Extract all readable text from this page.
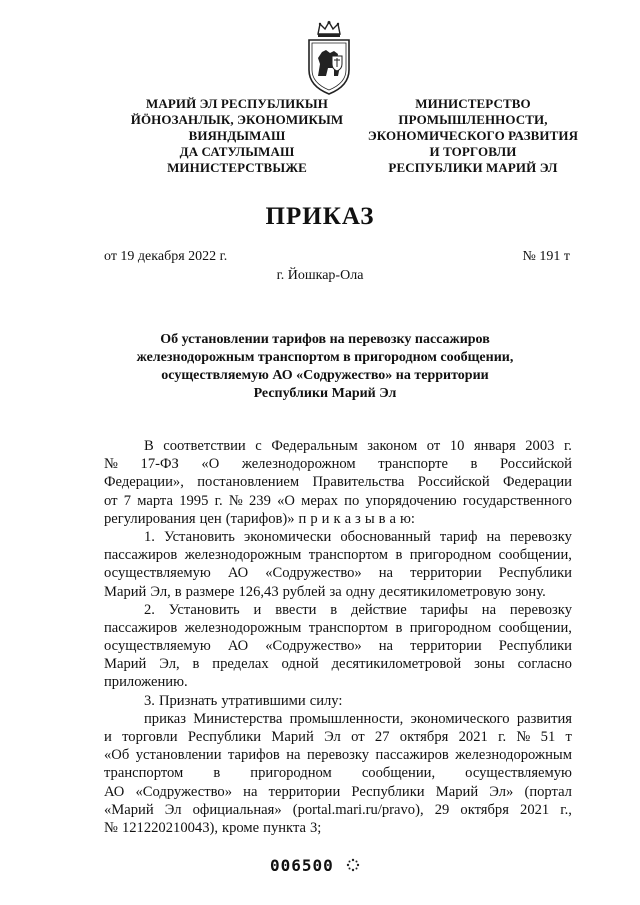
МАРИЙ ЭЛ РЕСПУБЛИКЫН
ЙÖНОЗАНЛЫК, ЭКОНОМИКЫМ
ВИЯНДЫМАШ
ДА САТУЛЫМАШ
МИНИСТЕРСТВЫЖЕ
МИНИСТЕРСТВО
ПРОМЫШЛЕННОСТИ,
ЭКОНОМИЧЕСКОГО РАЗВИТИЯ
И ТОРГОВЛИ
РЕСПУБЛИКИ МАРИЙ ЭЛ
ПРИКАЗ
от 19 декабря 2022 г.	№ 191 т
г. Йошкар-Ола
Об установлении тарифов на перевозку пассажиров
железнодорожным транспортом в пригородном сообщении,
осуществляемую АО «Содружество» на территории
Республики Марий Эл
В соответствии с Федеральным законом от 10 января 2003 г.
№ 17-ФЗ «О железнодорожном транспорте в Российской
Федерации», постановлением Правительства Российской Федерации
от 7 марта 1995 г. № 239 «О мерах по упорядочению государственного
регулирования цен (тарифов)» п р и к а з ы в а ю:
1. Установить экономически обоснованный тариф на перевозку
пассажиров железнодорожным транспортом в пригородном сообщении,
осуществляемую АО «Содружество» на территории Республики
Марий Эл, в размере 126,43 рублей за одну десятикилометровую зону.
2. Установить и ввести в действие тарифы на перевозку
пассажиров железнодорожным транспортом в пригородном сообщении,
осуществляемую АО «Содружество» на территории Республики
Марий Эл, в пределах одной десятикилометровой зоны согласно
приложению.
3. Признать утратившими силу:
приказ Министерства промышленности, экономического развития
и торговли Республики Марий Эл от 27 октября 2021 г. № 51 т
«Об установлении тарифов на перевозку пассажиров железнодорожным
транспортом в пригородном сообщении, осуществляемую
АО «Содружество» на территории Республики Марий Эл» (портал
«Марий Эл официальная» (portal.mari.ru/pravo), 29 октября 2021 г.,
№ 121220210043), кроме пункта 3;
006500
